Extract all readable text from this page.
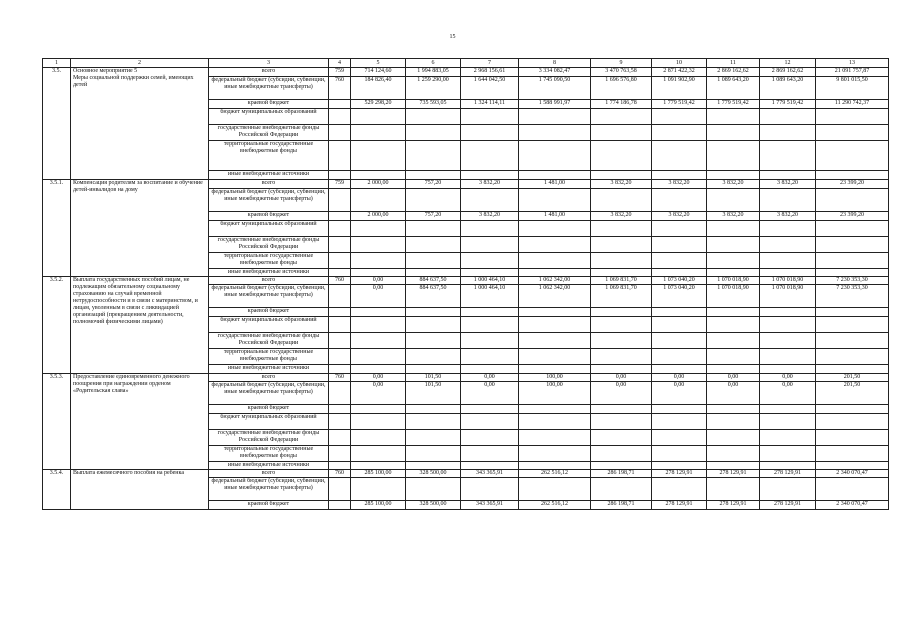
15
1	2	3	4	5	6	7	8	9	10	11	12	13
3.5.	Основное мероприятие 5
Меры социальной поддержки семей, имеющих детей	всего	759	714 124,60	1 994 883,05	2 968 156,61	3 334 082,47	3 470 763,58	2 871 422,32	2 869 162,62	2 869 162,62	21 091 757,87
		федеральный бюджет (субсидии, субвенции, иные межбюджетные трансферты)	760	184 826,40	1 259 290,00	1 644 042,50	1 745 090,50	1 696 576,80	1 091 902,90	1 089 643,20	1 089 643,20	9 801 015,50
		краевой бюджет		529 298,20	735 593,05	1 324 114,11	1 588 991,97	1 774 186,78	1 779 519,42	1 779 519,42	1 779 519,42	11 290 742,37
		бюджет муниципальных образований										
		государственные внебюджетные фонды Российской Федерации										
		территориальные государственные внебюджетные фонды										
		иные внебюджетные источники										
3.5.1.	Компенсация родителям за воспитание и обучение детей-инвалидов на дому	всего	759	2 000,00	757,20	3 832,20	1 481,00	3 832,20	3 832,20	3 832,20	3 832,20	23 399,20
		федеральный бюджет (субсидии, субвенции, иные межбюджетные трансферты)										
		краевой бюджет		2 000,00	757,20	3 832,20	1 481,00	3 832,20	3 832,20	3 832,20	3 832,20	23 399,20
		бюджет муниципальных образований										
		государственные внебюджетные фонды Российской Федерации										
		территориальные государственные внебюджетные фонды										
		иные внебюджетные источники										
3.5.2.	Выплата государственных пособий лицам, не подлежащим обязательному социальному страхованию на случай временной нетрудоспособности и в связи с материнством, и лицам, уволенным в связи с ликвидацией организаций (прекращением деятельности, полномочий физическими лицами)	всего	760	0,00	884 637,50	1 000 464,10	1 062 342,00	1 069 831,70	1 073 040,20	1 070 018,90	1 070 018,90	7 230 353,30
		федеральный бюджет (субсидии, субвенции, иные межбюджетные трансферты)		0,00	884 637,50	1 000 464,10	1 062 342,00	1 069 831,70	1 073 040,20	1 070 018,90	1 070 018,90	7 230 353,30
		краевой бюджет										
		бюджет муниципальных образований										
		государственные внебюджетные фонды Российской Федерации										
		территориальные государственные внебюджетные фонды										
		иные внебюджетные источники										
3.5.3.	Предоставление единовременного денежного поощрения при награждении орденом «Родительская слава»	всего	760	0,00	101,50	0,00	100,00	0,00	0,00	0,00	0,00	201,50
		федеральный бюджет (субсидии, субвенции, иные межбюджетные трансферты)		0,00	101,50	0,00	100,00	0,00	0,00	0,00	0,00	201,50
		краевой бюджет										
		бюджет муниципальных образований										
		государственные внебюджетные фонды Российской Федерации										
		территориальные государственные внебюджетные фонды										
		иные внебюджетные источники										
3.5.4.	Выплата ежемесячного пособия на ребенка	всего	760	285 100,00	328 500,00	343 365,91	262 516,12	286 198,71	278 129,91	278 129,91	278 129,91	2 340 070,47
		федеральный бюджет (субсидии, субвенции, иные межбюджетные трансферты)										
		краевой бюджет		285 100,00	328 500,00	343 365,91	262 516,12	286 198,71	278 129,91	278 129,91	278 129,91	2 340 070,47
